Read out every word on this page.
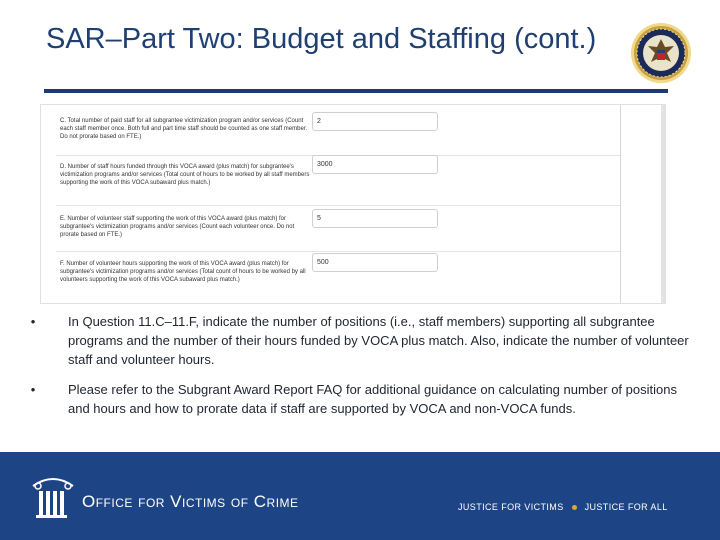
SAR–Part Two: Budget and Staffing (cont.)
C. Total number of paid staff for all subgrantee victimization program and/or services (Count each staff member once. Both full and part time staff should be counted as one staff member. Do not prorate based on FTE.)
2
D. Number of staff hours funded through this VOCA award (plus match) for subgrantee's victimization programs and/or services (Total count of hours to be worked by all staff members supporting the work of this VOCA subaward plus match.)
3000
E. Number of volunteer staff supporting the work of this VOCA award (plus match) for subgrantee's victimization programs and/or services (Count each volunteer once. Do not prorate based on FTE.)
5
F. Number of volunteer hours supporting the work of this VOCA award (plus match) for subgrantee's victimization programs and/or services (Total count of hours to be worked by all volunteers supporting the work of this VOCA subaward plus match.)
500
•	In Question 11.C–11.F, indicate the number of positions (i.e., staff members) supporting all subgrantee programs and the number of their hours funded by VOCA plus match. Also, indicate the number of volunteer staff and volunteer hours.
•	Please refer to the Subgrant Award Report FAQ for additional guidance on calculating number of positions and hours and how to prorate data if staff are supported by VOCA and non-VOCA funds.
Office for Victims of Crime	JUSTICE FOR VICTIMS JUSTICE FOR ALL
